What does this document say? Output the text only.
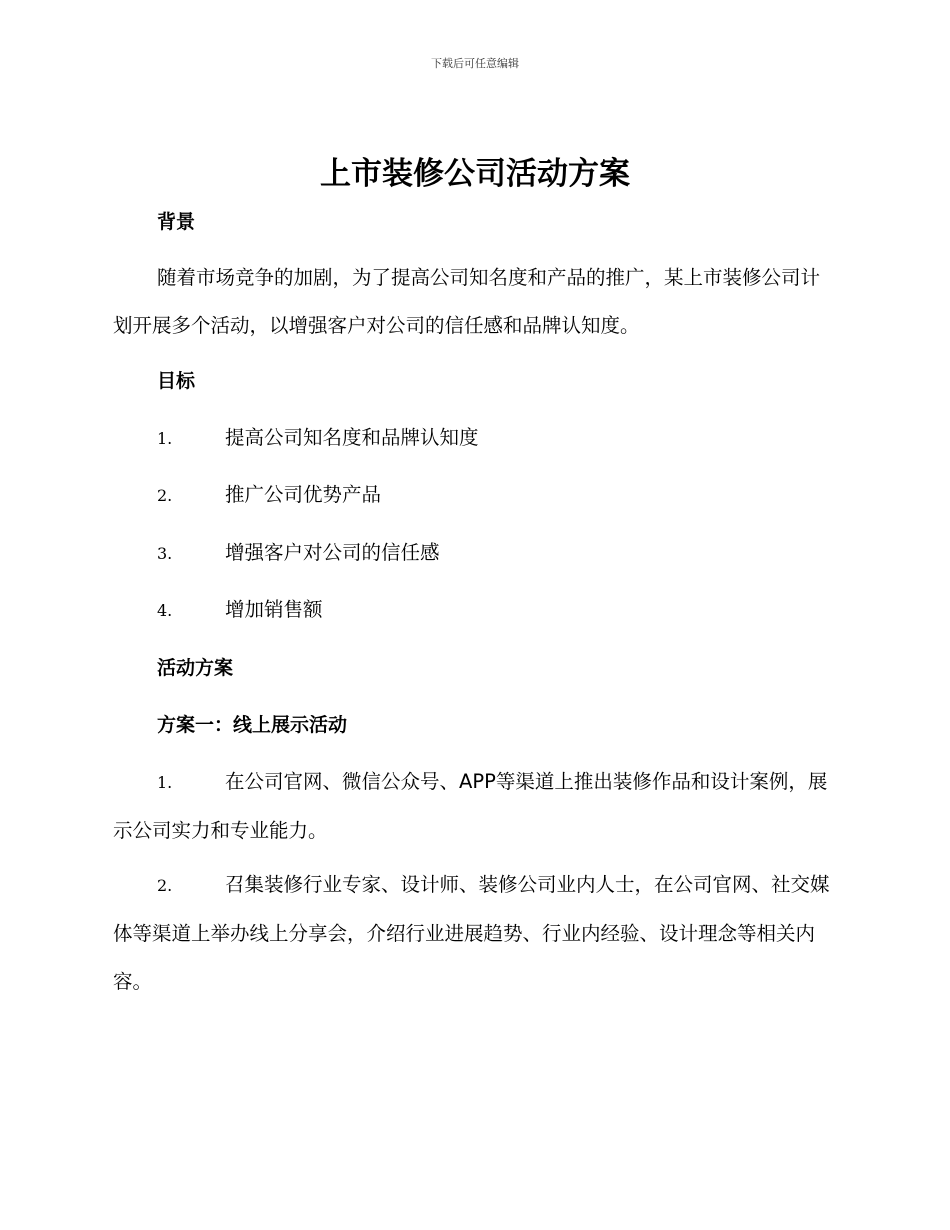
下载后可任意编辑
上市装修公司活动方案
背景
随着市场竞争的加剧，为了提高公司知名度和产品的推广，某上市装修公司计划开展多个活动，以增强客户对公司的信任感和品牌认知度。
目标
1.	提高公司知名度和品牌认知度
2.	推广公司优势产品
3.	增强客户对公司的信任感
4.	增加销售额
活动方案
方案一：线上展示活动
1.	在公司官网、微信公众号、APP等渠道上推出装修作品和设计案例，展示公司实力和专业能力。
2.	召集装修行业专家、设计师、装修公司业内人士，在公司官网、社交媒体等渠道上举办线上分享会，介绍行业进展趋势、行业内经验、设计理念等相关内容。
